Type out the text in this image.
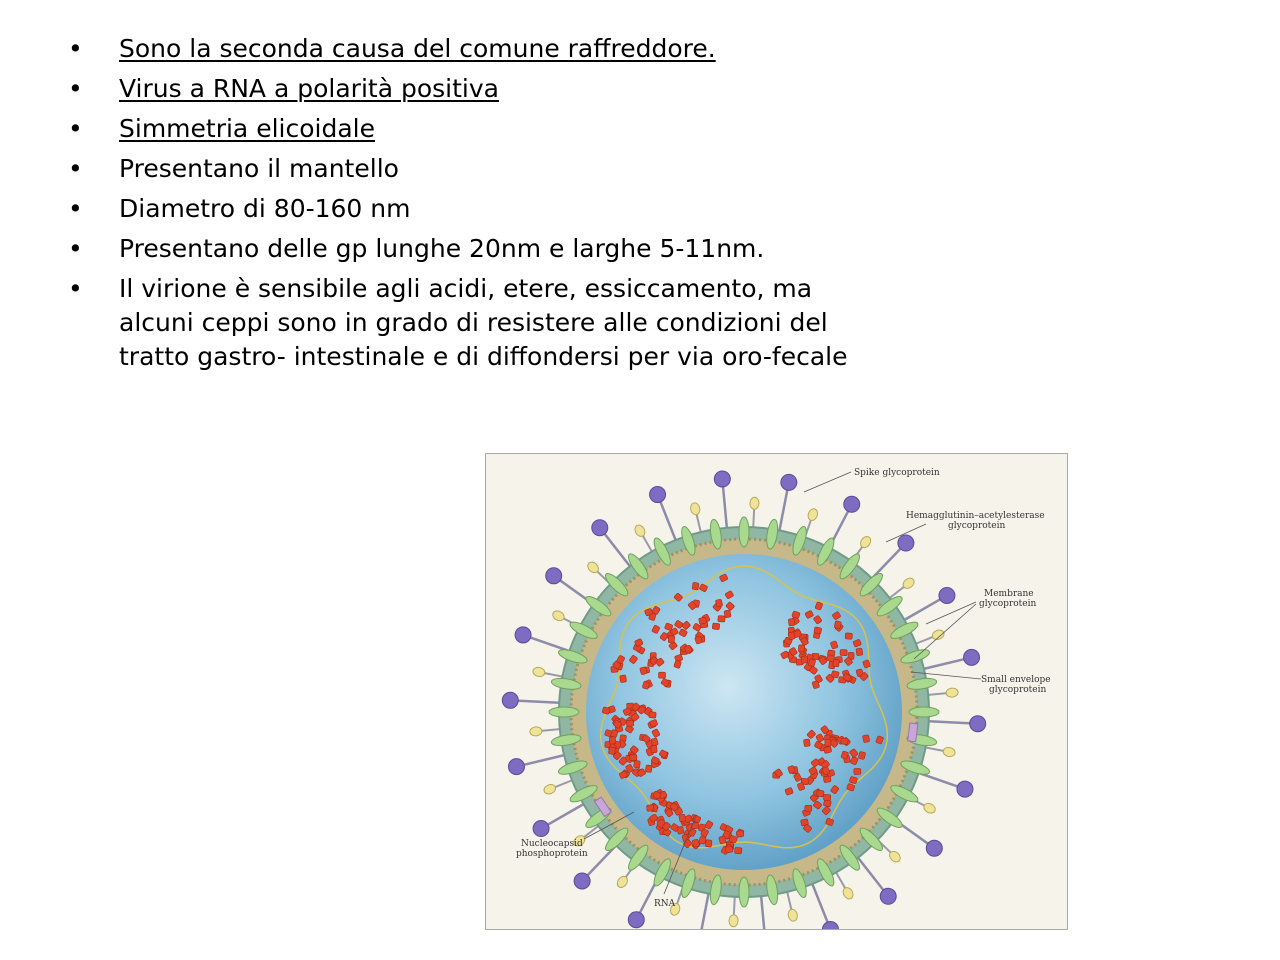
• Sono la seconda causa del comune raffreddore.
• Virus a RNA a polarità positiva
• Simmetria elicoidale
• Presentano il mantello
• Diametro di 80-160 nm
• Presentano delle gp lunghe 20nm e larghe 5-11nm.
• Il virione è sensibile agli acidi, etere, essiccamento, ma
alcuni ceppi sono in grado di resistere alle condizioni del
tratto gastro- intestinale e di diffondersi per via oro-fecale
Spike glycoprotein
Hemagglutinin–acetylesterase
glycoprotein
Membrane
glycoprotein
Small envelope
glycoprotein
Nucleocapsid
phosphoprotein
RNA
